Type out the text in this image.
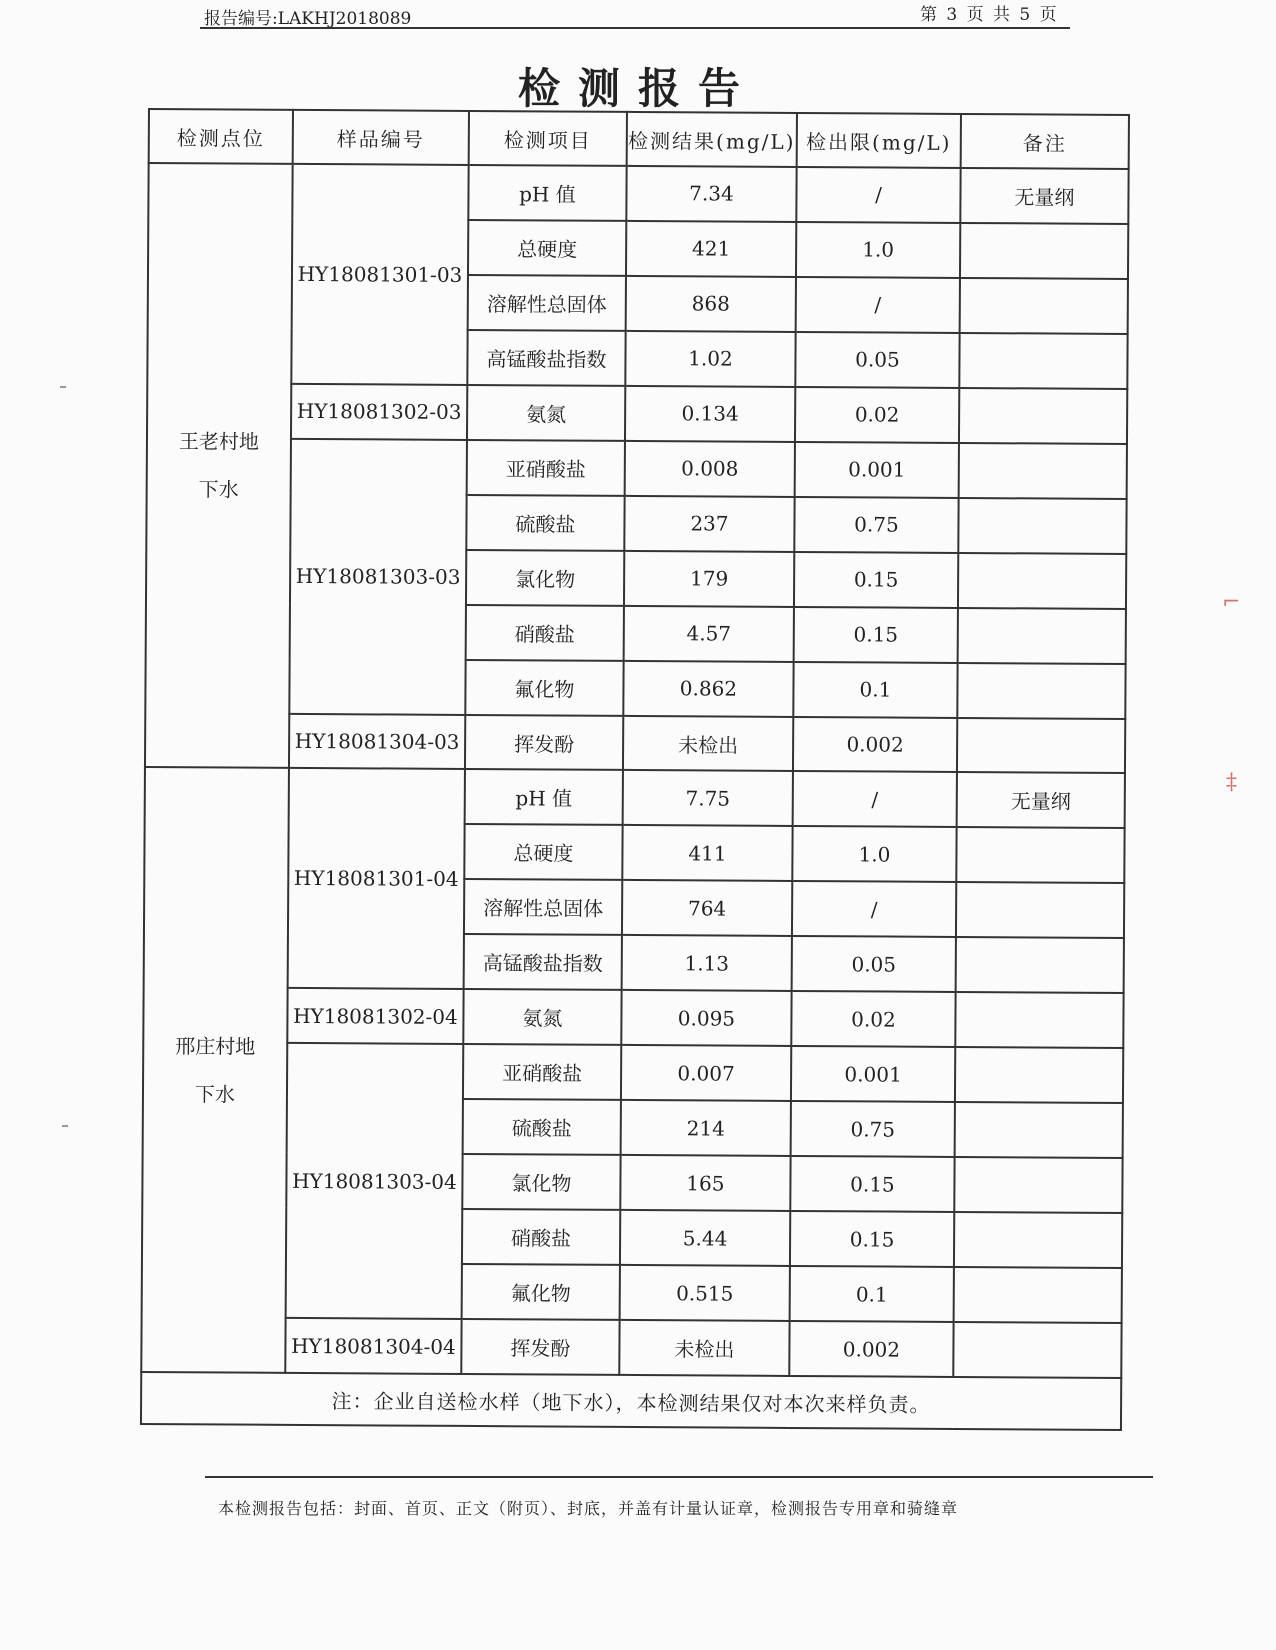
报告编号:LAKHJ2018089	第 3 页 共 5 页
检测报告
检测点位	样品编号	检测项目	检测结果(mg/L)	检出限(mg/L)	备注
王老村地
下水	HY18081301-03	pH 值	7.34	/	无量纲
		总硬度	421	1.0	
		溶解性总固体	868	/	
		高锰酸盐指数	1.02	0.05	
	HY18081302-03	氨氮	0.134	0.02	
	HY18081303-03	亚硝酸盐	0.008	0.001	
		硫酸盐	237	0.75	
		氯化物	179	0.15	
		硝酸盐	4.57	0.15	
		氟化物	0.862	0.1	
	HY18081304-03	挥发酚	未检出	0.002	
邢庄村地
下水	HY18081301-04	pH 值	7.75	/	无量纲
		总硬度	411	1.0	
		溶解性总固体	764	/	
		高锰酸盐指数	1.13	0.05	
	HY18081302-04	氨氮	0.095	0.02	
	HY18081303-04	亚硝酸盐	0.007	0.001	
		硫酸盐	214	0.75	
		氯化物	165	0.15	
		硝酸盐	5.44	0.15	
		氟化物	0.515	0.1	
	HY18081304-04	挥发酚	未检出	0.002	
注：企业自送检水样（地下水），本检测结果仅对本次来样负责。					
本检测报告包括：封面、首页、正文（附页）、封底，并盖有计量认证章，检测报告专用章和骑缝章
⌐
‡
